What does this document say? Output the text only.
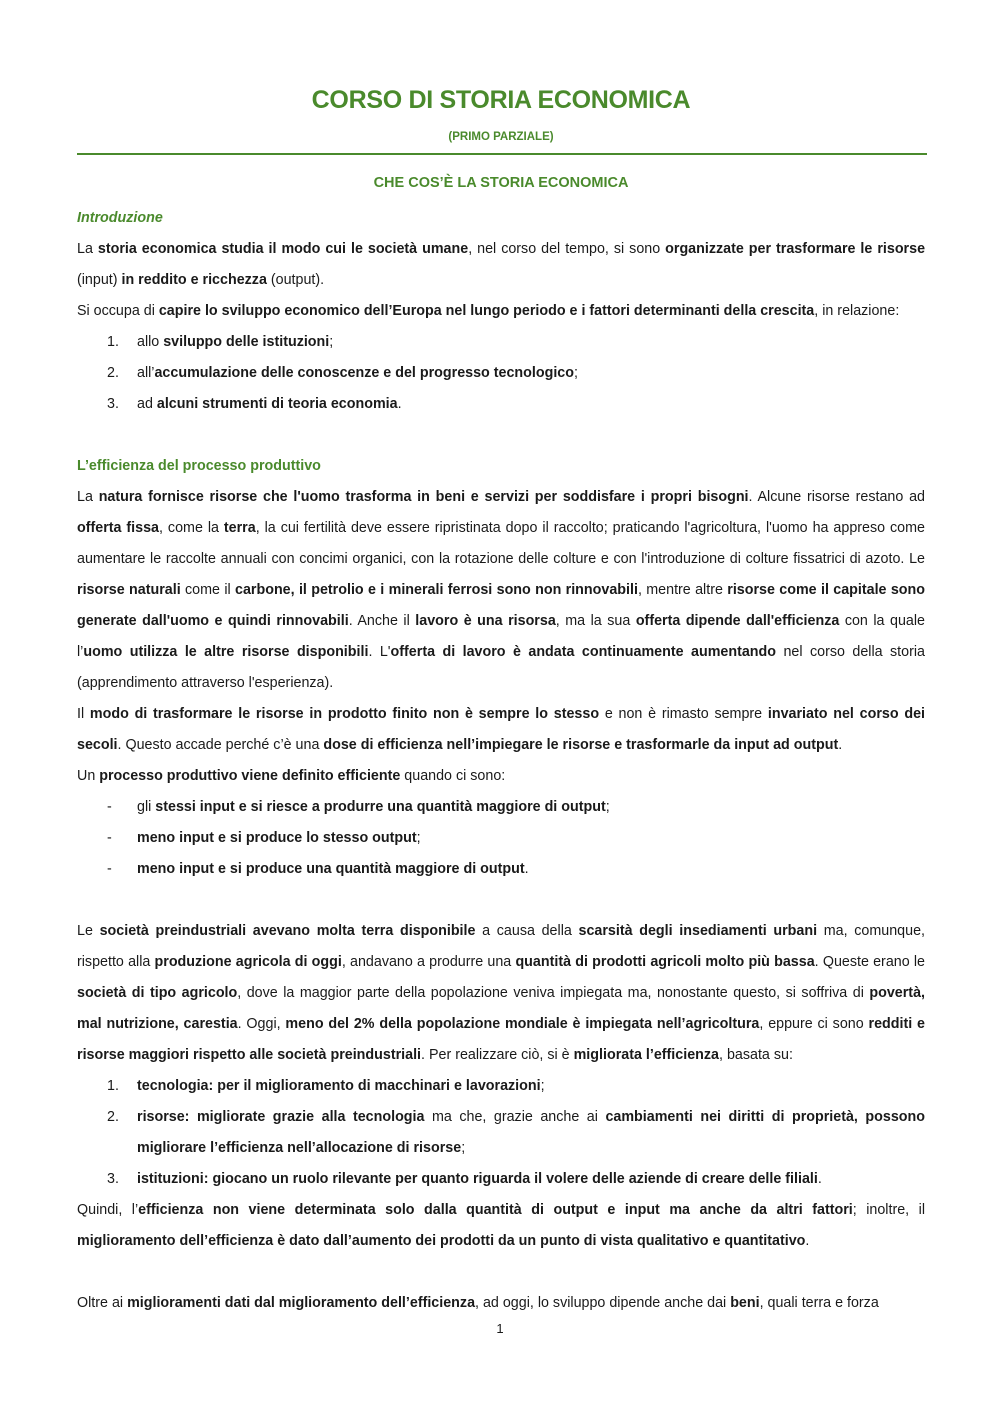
CORSO DI STORIA ECONOMICA
(PRIMO PARZIALE)
CHE COS’È LA STORIA ECONOMICA

Introduzione

La storia economica studia il modo cui le società umane, nel corso del tempo, si sono organizzate per trasformare le risorse (input) in reddito e ricchezza (output).

Si occupa di capire lo sviluppo economico dell’Europa nel lungo periodo e i fattori determinanti della crescita, in relazione:

1. allo sviluppo delle istituzioni;
2. all’accumulazione delle conoscenze e del progresso tecnologico;
3. ad alcuni strumenti di teoria economia.

L’efficienza del processo produttivo

La natura fornisce risorse che l'uomo trasforma in beni e servizi per soddisfare i propri bisogni. Alcune risorse restano ad offerta fissa, come la terra, la cui fertilità deve essere ripristinata dopo il raccolto; praticando l'agricoltura, l'uomo ha appreso come aumentare le raccolte annuali con concimi organici, con la rotazione delle colture e con l'introduzione di colture fissatrici di azoto. Le risorse naturali come il carbone, il petrolio e i minerali ferrosi sono non rinnovabili, mentre altre risorse come il capitale sono generate dall'uomo e quindi rinnovabili. Anche il lavoro è una risorsa, ma la sua offerta dipende dall'efficienza con la quale l’uomo utilizza le altre risorse disponibili. L'offerta di lavoro è andata continuamente aumentando nel corso della storia (apprendimento attraverso l'esperienza).

Il modo di trasformare le risorse in prodotto finito non è sempre lo stesso e non è rimasto sempre invariato nel corso dei secoli. Questo accade perché c’è una dose di efficienza nell’impiegare le risorse e trasformarle da input ad output.

Un processo produttivo viene definito efficiente quando ci sono:

- gli stessi input e si riesce a produrre una quantità maggiore di output;
- meno input e si produce lo stesso output;
- meno input e si produce una quantità maggiore di output.

Le società preindustriali avevano molta terra disponibile a causa della scarsità degli insediamenti urbani ma, comunque, rispetto alla produzione agricola di oggi, andavano a produrre una quantità di prodotti agricoli molto più bassa. Queste erano le società di tipo agricolo, dove la maggior parte della popolazione veniva impiegata ma, nonostante questo, si soffriva di povertà, mal nutrizione, carestia. Oggi, meno del 2% della popolazione mondiale è impiegata nell’agricoltura, eppure ci sono redditi e risorse maggiori rispetto alle società preindustriali. Per realizzare ciò, si è migliorata l’efficienza, basata su:

1. tecnologia: per il miglioramento di macchinari e lavorazioni;
2. risorse: migliorate grazie alla tecnologia ma che, grazie anche ai cambiamenti nei diritti di proprietà, possono migliorare l’efficienza nell’allocazione di risorse;
3. istituzioni: giocano un ruolo rilevante per quanto riguarda il volere delle aziende di creare delle filiali.

Quindi, l’efficienza non viene determinata solo dalla quantità di output e input ma anche da altri fattori; inoltre, il miglioramento dell’efficienza è dato dall’aumento dei prodotti da un punto di vista qualitativo e quantitativo.

Oltre ai miglioramenti dati dal miglioramento dell’efficienza, ad oggi, lo sviluppo dipende anche dai beni, quali terra e forza

1
